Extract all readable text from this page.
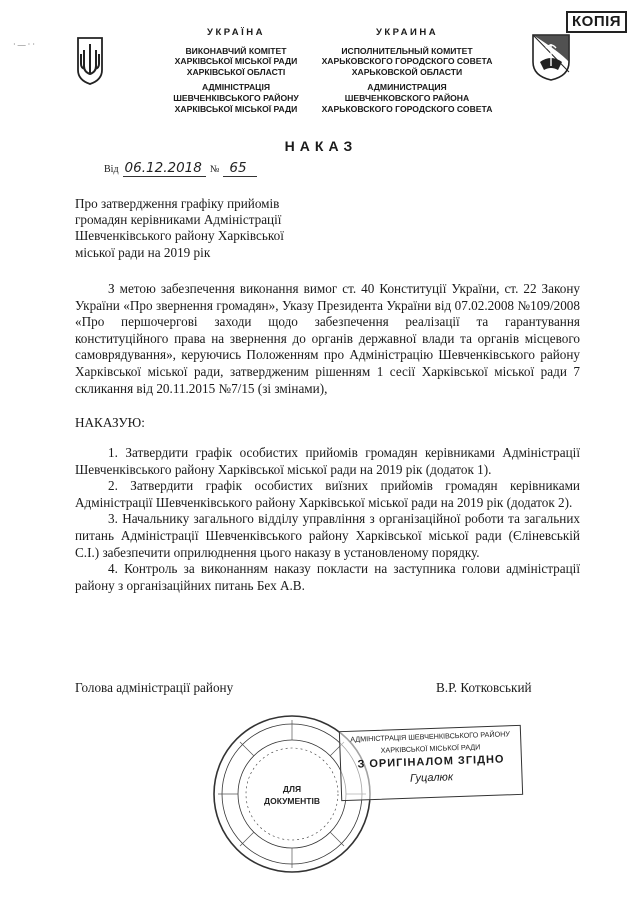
· — · ·
УКРАЇНА
ВИКОНАВЧИЙ КОМІТЕТ
ХАРКІВСЬКОЇ МІСЬКОЇ РАДИ
ХАРКІВСЬКОЇ ОБЛАСТІ
АДМІНІСТРАЦІЯ
ШЕВЧЕНКІВСЬКОГО РАЙОНУ
ХАРКІВСЬКОЇ МІСЬКОЇ РАДИ
УКРАИНА
ИСПОЛНИТЕЛЬНЫЙ КОМИТЕТ
ХАРЬКОВСКОГО ГОРОДСКОГО СОВЕТА
ХАРЬКОВСКОЙ ОБЛАСТИ
АДМИНИСТРАЦИЯ
ШЕВЧЕНКОВСКОГО РАЙОНА
ХАРЬКОВСКОГО ГОРОДСКОГО СОВЕТА
КОПІЯ
НАКАЗ
Від 06.12.2018 № 65
Про затвердження графіку прийомів
громадян керівниками Адміністрації
Шевченківського району Харківської
міської ради на 2019 рік
З метою забезпечення виконання вимог ст. 40 Конституції України, ст. 22 Закону України «Про звернення громадян», Указу Президента України від 07.02.2008 №109/2008 «Про першочергові заходи щодо забезпечення реалізації та гарантування конституційного права на звернення до органів державної влади та органів місцевого самоврядування», керуючись Положенням про Адміністрацію Шевченківського району Харківської міської ради, затвердженим рішенням 1 сесії Харківської міської ради 7 скликання від 20.11.2015 №7/15 (зі змінами),
НАКАЗУЮ:

1. Затвердити графік особистих прийомів громадян керівниками Адміністрації Шевченківського району Харківської міської ради на 2019 рік (додаток 1).

2. Затвердити графік особистих виїзних прийомів громадян керівниками Адміністрації Шевченківського району Харківської міської ради на 2019 рік (додаток 2).

3. Начальнику загального відділу управління з організаційної роботи та загальних питань Адміністрації Шевченківського району Харківської міської ради (Єліневській С.І.) забезпечити оприлюднення цього наказу в установленому порядку.

4. Контроль за виконанням наказу покласти на заступника голови адміністрації району з організаційних питань Бех А.В.

Голова адміністрації району	В.Р. Котковський
ДЛЯ
ДОКУМЕНТІВ
АДМІНІСТРАЦІЯ ШЕВЧЕНКІВСЬКОГО РАЙОНУ
ХАРКІВСЬКОЇ МІСЬКОЇ РАДИ
З ОРИГІНАЛОМ ЗГІДНО
Гуцалюк
